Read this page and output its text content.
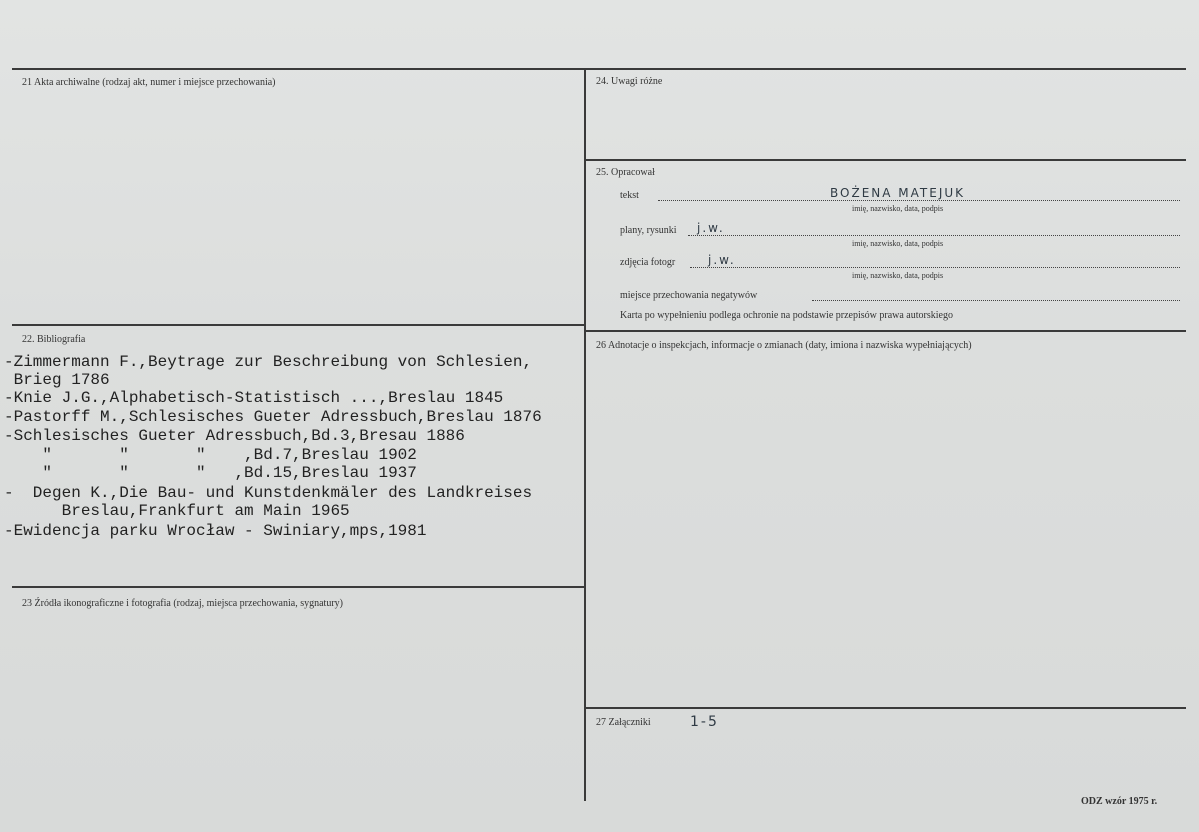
21 Akta archiwalne (rodzaj akt, numer i miejsce przechowania)
22. Bibliografia
-Zimmermann F.,Beytrage zur Beschreibung von Schlesien,
Brieg 1786
-Knie J.G.,Alphabetisch-Statistisch ...,Breslau 1845
-Pastorff M.,Schlesisches Gueter Adressbuch,Breslau 1876
-Schlesisches Gueter Adressbuch,Bd.3,Bresau 1886
"       "       "    ,Bd.7,Breslau 1902
"       "       "   ,Bd.15,Breslau 1937
-  Degen K.,Die Bau- und Kunstdenkmäler des Landkreises
Breslau,Frankfurt am Main 1965
-Ewidencja parku Wrocław - Swiniary,mps,1981
23 Źródła ikonograficzne i fotografia (rodzaj, miejsca przechowania, sygnatury)
24. Uwagi różne
25. Opracował
tekst	BOŻENA MATEJUK
imię, nazwisko, data, podpis
plany, rysunki j.w.
imię, nazwisko, data, podpis
zdjęcia fotogr	j.w.
imię, nazwisko, data, podpis
miejsce przechowania negatywów
Karta po wypełnieniu podlega ochronie na podstawie przepisów prawa autorskiego
26 Adnotacje o inspekcjach, informacje o zmianach (daty, imiona i nazwiska wypełniających)
27 Załączniki	1-5
ODZ wzór 1975 r.
